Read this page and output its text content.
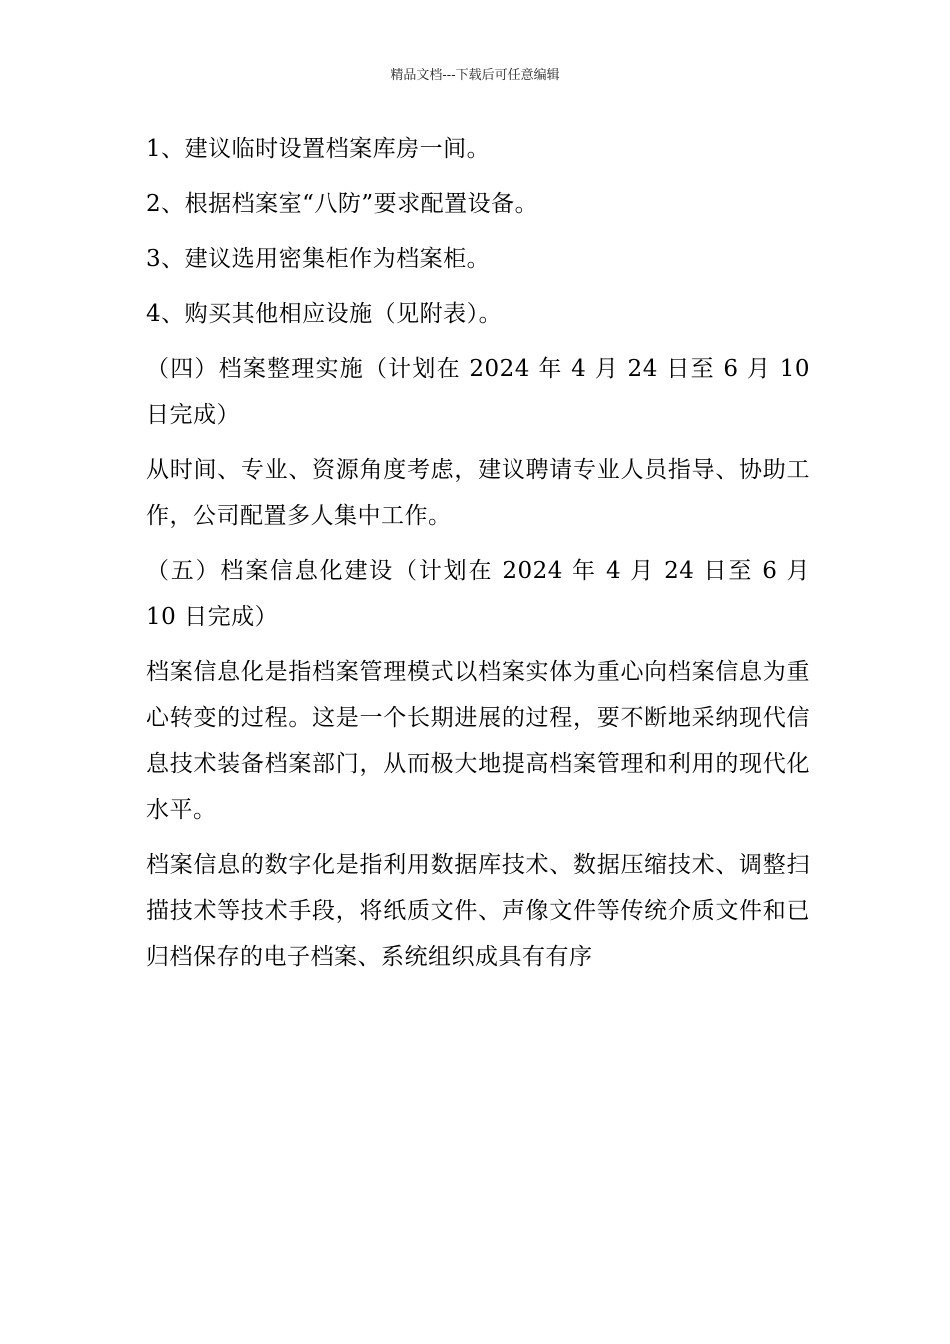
精品文档---下载后可任意编辑

1、建议临时设置档案库房一间。

2、根据档案室“八防”要求配置设备。

3、建议选用密集柜作为档案柜。

4、购买其他相应设施（见附表）。

（四）档案整理实施（计划在 2024 年 4 月 24 日至 6 月 10 日完成）

从时间、专业、资源角度考虑，建议聘请专业人员指导、协助工作，公司配置多人集中工作。

（五）档案信息化建设（计划在 2024 年 4 月 24 日至 6 月 10 日完成）

档案信息化是指档案管理模式以档案实体为重心向档案信息为重心转变的过程。这是一个长期进展的过程，要不断地采纳现代信息技术装备档案部门，从而极大地提高档案管理和利用的现代化水平。

档案信息的数字化是指利用数据库技术、数据压缩技术、调整扫描技术等技术手段，将纸质文件、声像文件等传统介质文件和已归档保存的电子档案、系统组织成具有有序
